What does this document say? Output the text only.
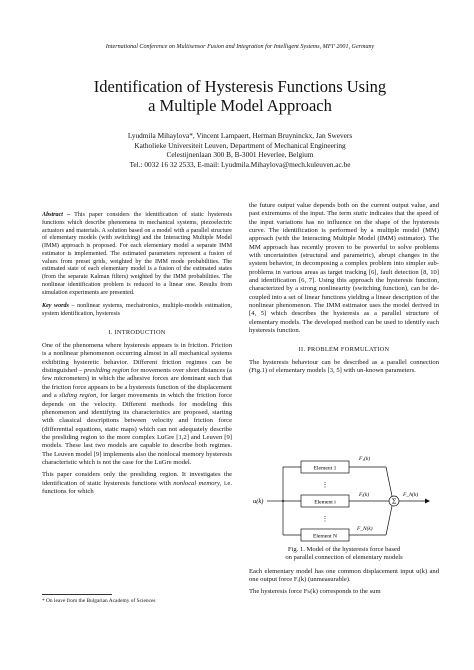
International Conference on Multisensor Fusion and Integration for Intelligent Systems, MFI' 2001, Germany
Identification of Hysteresis Functions Using
a Multiple Model Approach
Lyudmila Mihaylova*, Vincent Lampaert, Herman Bruyninckx, Jan Swevers
Katholieke Universiteit Leuven, Department of Mechanical Engineering
Celestijnenlaan 300 B, B-3001 Heverlee, Belgium
Tel.: 0032 16 32 2533, E-mail: Lyudmila.Mihaylova@mech.kuleuven.ac.be

Abstract – This paper considers the identification of static hysteresis functions which describe phenomena in mechanical systems, piezoelectric actuators and materials. A solution based on a model with a parallel structure of elementary models (with switching) and the Interacting Multiple Model (IMM) approach is proposed. For each elementary model a separate IMM estimator is implemented. The estimated parameters represent a fusion of values from preset grids, weighted by the IMM mode probabilities. The estimated state of each elementary model is a fusion of the estimated states (from the separate Kalman filters) weighted by the IMM probabilities. The nonlinear identification problem is reduced to a linear one. Results from simulation experiments are presented.

Key words – nonlinear systems, mechatronics, multiple-models estimation, system identification, hysteresis

I. INTRODUCTION

One of the phenomena where hysteresis appears is in friction. Friction is a nonlinear phenomenon occurring almost in all mechanical systems exhibiting hysteretic behavior. Different friction regimes can be distinguished – presliding region for movements over short distances (a few micrometers) in which the adhesive forces are dominant such that the friction force appears to be a hysteresis function of the displacement and a sliding region, for larger movements in which the friction force depends on the velocity. Different methods for modeling this phenomenon and identifying its characteristics are proposed, starting with classical descriptions between velocity and friction force (differential equations, static maps) which can not adequately describe the presliding region to the more complex LuGre [1,2] and Leuven [9] models. These last two models are capable to describe both regimes. The Leuven model [9] implements also the nonlocal memory hysteresis characteristic which is not the case for the LuGre model.

This paper considers only the presliding region. It investigates the identification of static hysteresis functions with nonlocal memory, i.e. functions for which

* On leave from the Bulgarian Academy of Sciences

the future output value depends both on the current output value, and past extremums of the input. The term static indicates that the speed of the input variations has no influence on the shape of the hysteresis curve. The identification is performed by a multiple model (MM) approach (with the Interacting Multiple Model (IMM) estimator). The MM approach has recently proven to be powerful to solve problems with uncertainties (structural and parametric), abrupt changes in the system behavior, in decomposing a complex problem into simpler sub-problems in various areas as target tracking [6], fault detection [8, 10] and identification [6, 7]. Using this approach the hysteresis function, characterized by a strong nonlinearity (switching function), can be de-coupled into a set of linear functions yielding a linear description of the nonlinear phenomenon. The IMM estimator uses the model derived in [4, 5] which describes the hysteresis as a parallel structure of elementary models. The developed method can be used to identify each hysteresis function.

II. PROBLEM FORMULATION

The hysteresis behaviour can be described as a parallel connection (Fig.1) of elementary models [3, 5] with un-known parameters.

u(k)
Element 1
⋮
Element i
⋮
Element N
F₁(k)
Fᵢ(k)
F_N(k)
Σ
F_h(k)
Fig. 1. Model of the hysteresis force based
on parallel connection of elementary models

Each elementary model has one common displacement input u(k) and one output force Fᵢ(k) (unmeasurable).

The hysteresis force Fₕ(k) corresponds to the sum
